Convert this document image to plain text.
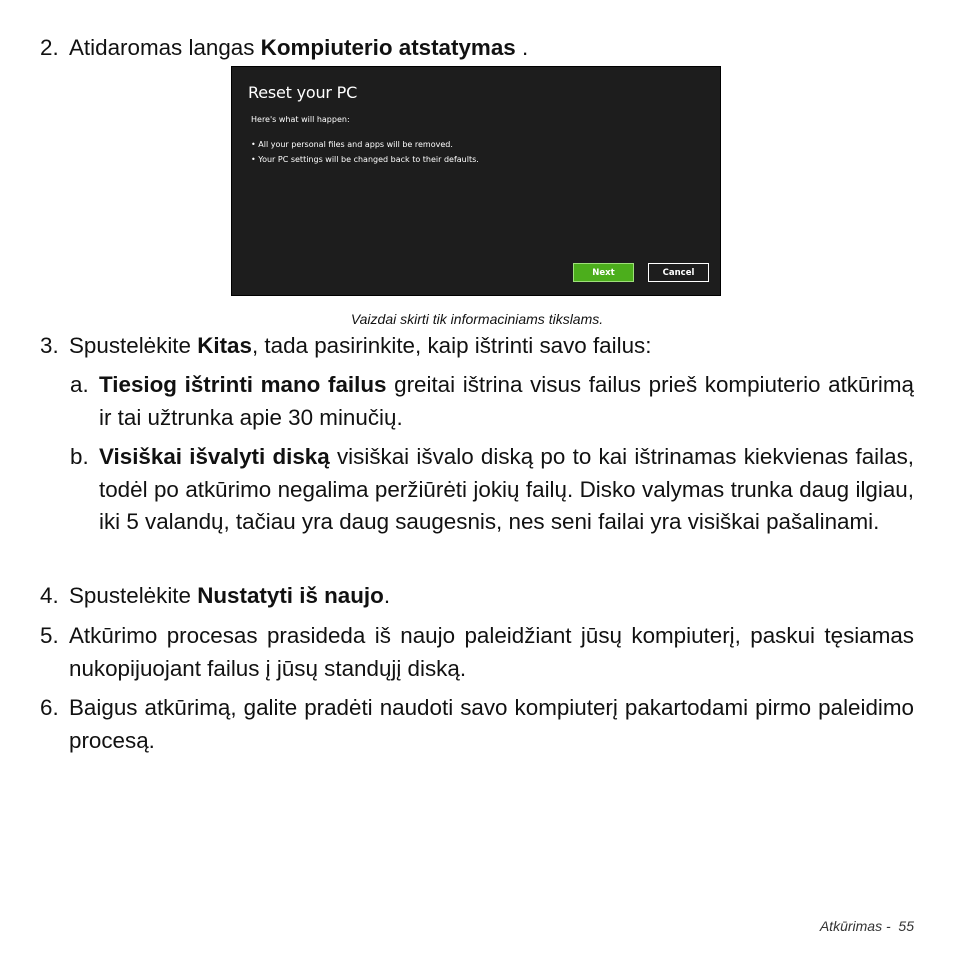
2. Atidaromas langas Kompiuterio atstatymas .
Reset your PC
Here's what will happen:
• All your personal files and apps will be removed.
• Your PC settings will be changed back to their defaults.
Next	Cancel
Vaizdai skirti tik informaciniams tikslams.
3. Spustelėkite Kitas, tada pasirinkite, kaip ištrinti savo failus:
a. Tiesiog ištrinti mano failus greitai ištrina visus failus prieš kompiuterio atkūrimą ir tai užtrunka apie 30 minučių.
b. Visiškai išvalyti diską visiškai išvalo diską po to kai ištrinamas kiekvienas failas, todėl po atkūrimo negalima peržiūrėti jokių failų. Disko valymas trunka daug ilgiau, iki 5 valandų, tačiau yra daug saugesnis, nes seni failai yra visiškai pašalinami.
4. Spustelėkite Nustatyti iš naujo.
5. Atkūrimo procesas prasideda iš naujo paleidžiant jūsų kompiuterį, paskui tęsiamas nukopijuojant failus į jūsų standųjį diską.
6. Baigus atkūrimą, galite pradėti naudoti savo kompiuterį pakartodami pirmo paleidimo procesą.
Atkūrimas - 55
